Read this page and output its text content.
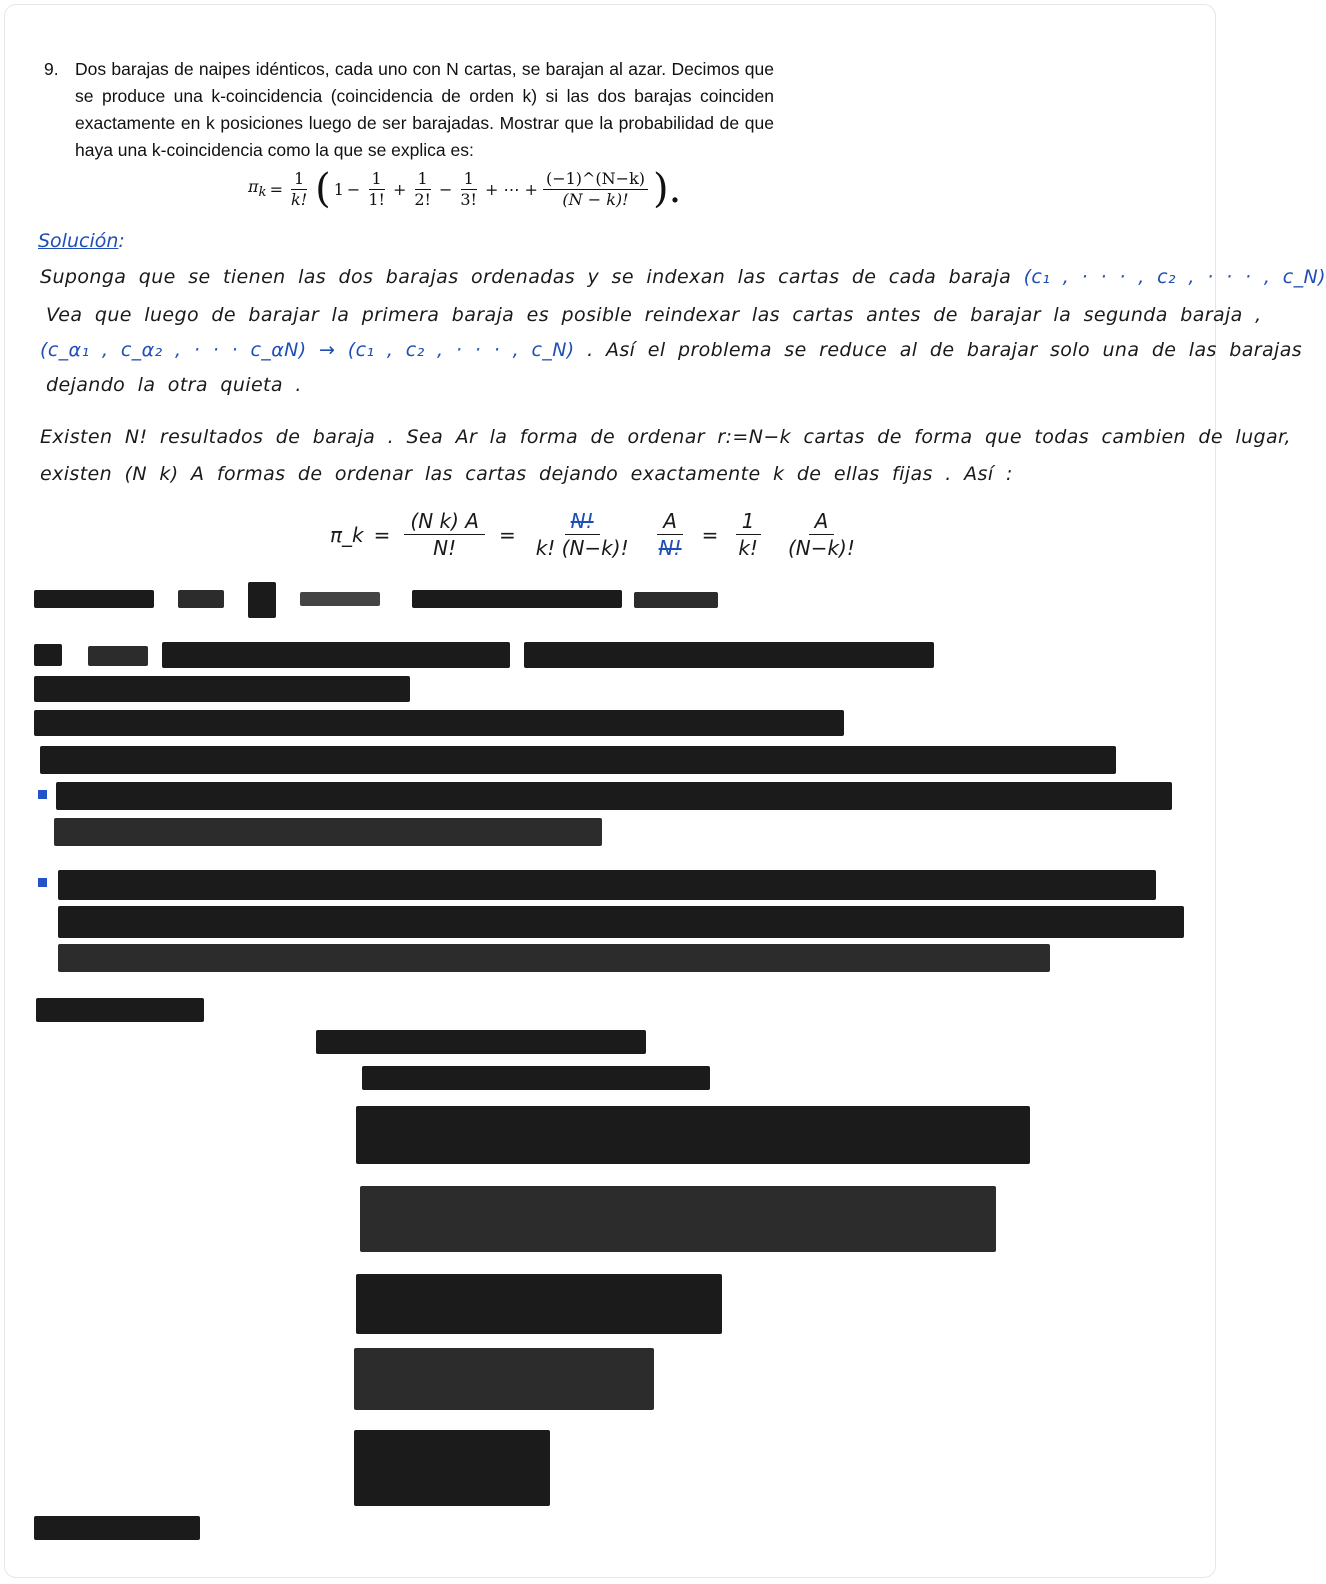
9. Dos barajas de naipes idénticos, cada uno con N cartas, se barajan al azar. Decimos que se produce una k-coincidencia (coincidencia de orden k) si las dos barajas coinciden exactamente en k posiciones luego de ser barajadas. Mostrar que la probabilidad de que haya una k-coincidencia como la que se explica es:
$\pi_k = \frac{1}{k!}$ ( $1 - \frac{1}{1!} + \frac{1}{2!} - \frac{1}{3!}$ + ⋯ + $\frac{(-1)\^{}(N-k)}{(N - k)!}$ ).
Solución:
Suponga que se tienen las dos barajas ordenadas y se indexan las cartas de cada baraja (c₁ , · · · , c₂ , · · · , c_N)
Vea que luego de barajar la primera baraja es posible reindexar las cartas antes de barajar la segunda baraja ,
(c_α₁ , c_α₂ , · · · c_αN) → (c₁ , c₂ , · · · , c_N) . Así el problema se reduce al de barajar solo una de las barajas
dejando la otra quieta .
Existen N! resultados de baraja . Sea Ar la forma de ordenar r:=N−k cartas de forma que todas cambien de lugar,
existen (N k) A formas de ordenar las cartas dejando exactamente k de ellas fijas . Así :
π_k = $\frac{\text{(N k) A}}{N!} = \frac{N!}{k! (N-k)!} \frac{A}{N!} = \frac{1}{k!}$	A
(N−k)!
